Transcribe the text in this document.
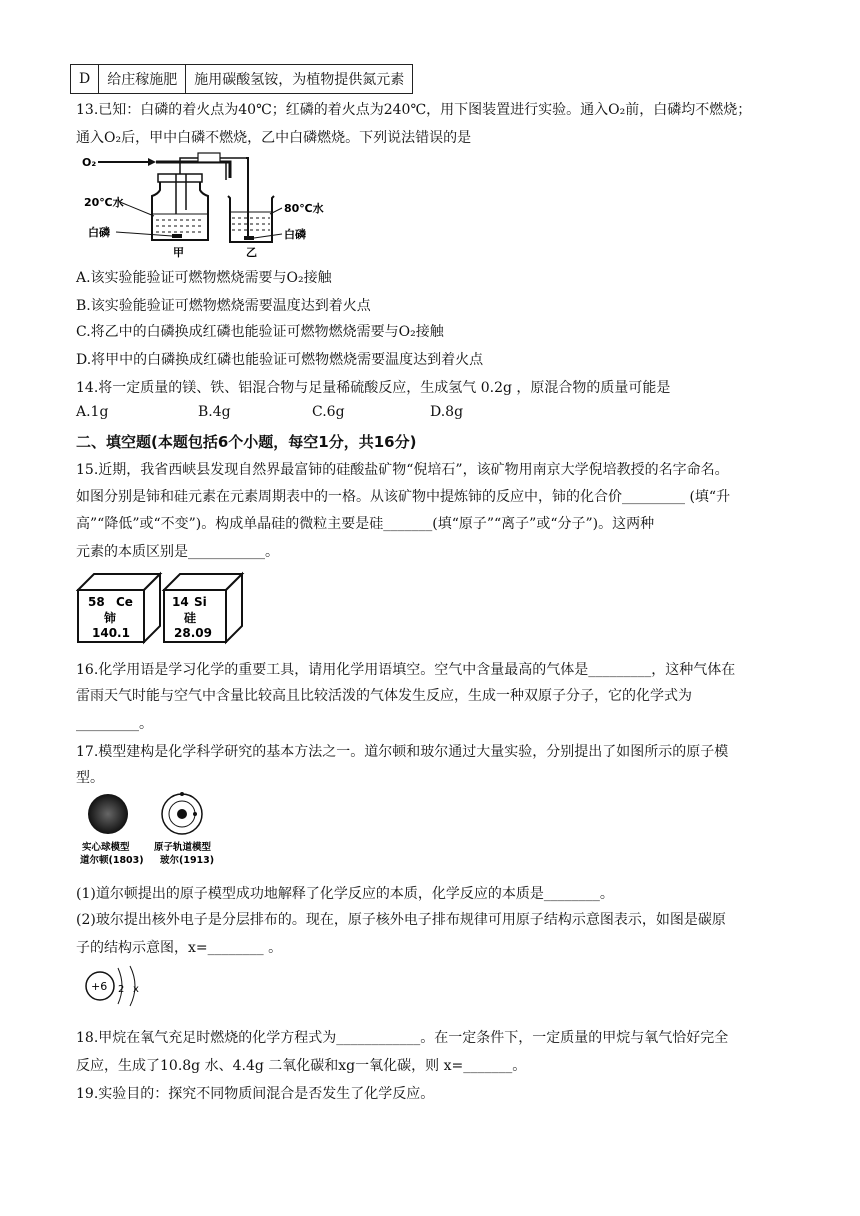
D	给庄稼施肥	施用碳酸氢铵，为植物提供氮元素
13.已知：白磷的着火点为40℃；红磷的着火点为240℃，用下图装置进行实验。通入O₂前，白磷均不燃烧；
通入O₂后，甲中白磷不燃烧，乙中白磷燃烧。下列说法错误的是
O₂
20℃水
白磷
甲
80℃水
白磷
乙
A.该实验能验证可燃物燃烧需要与O₂接触
B.该实验能验证可燃物燃烧需要温度达到着火点
C.将乙中的白磷换成红磷也能验证可燃物燃烧需要与O₂接触
D.将甲中的白磷换成红磷也能验证可燃物燃烧需要温度达到着火点
14.将一定质量的镁、铁、铝混合物与足量稀硫酸反应，生成氢气 0.2g ，原混合物的质量可能是
A.1g	B.4g	C.6g	D.8g
二、填空题(本题包括6个小题，每空1分，共16分)
15.近期，我省西峡县发现自然界最富铈的硅酸盐矿物“倪培石”，该矿物用南京大学倪培教授的名字命名。
如图分别是铈和硅元素在元素周期表中的一格。从该矿物中提炼铈的反应中，铈的化合价_________ (填“升
高”“降低”或“不变”)。构成单晶硅的微粒主要是硅_______(填“原子”“离子”或“分子”)。这两种
元素的本质区别是___________。
58 Ce
铈
140.1
14 Si
硅
28.09
16.化学用语是学习化学的重要工具，请用化学用语填空。空气中含量最高的气体是_________，这种气体在
雷雨天气时能与空气中含量比较高且比较活泼的气体发生反应，生成一种双原子分子，它的化学式为
_________。
17.模型建构是化学科学研究的基本方法之一。道尔顿和玻尔通过大量实验，分别提出了如图所示的原子模
型。
实心球模型
道尔顿(1803)
原子轨道模型
玻尔(1913)
(1)道尔顿提出的原子模型成功地解释了化学反应的本质，化学反应的本质是________。
(2)玻尔提出核外电子是分层排布的。现在，原子核外电子排布规律可用原子结构示意图表示，如图是碳原
子的结构示意图，x=________ 。
+6 2 x
18.甲烷在氧气充足时燃烧的化学方程式为____________。在一定条件下，一定质量的甲烷与氧气恰好完全
反应，生成了10.8g 水、4.4g 二氧化碳和xg一氧化碳，则 x=_______。
19.实验目的：探究不同物质间混合是否发生了化学反应。
